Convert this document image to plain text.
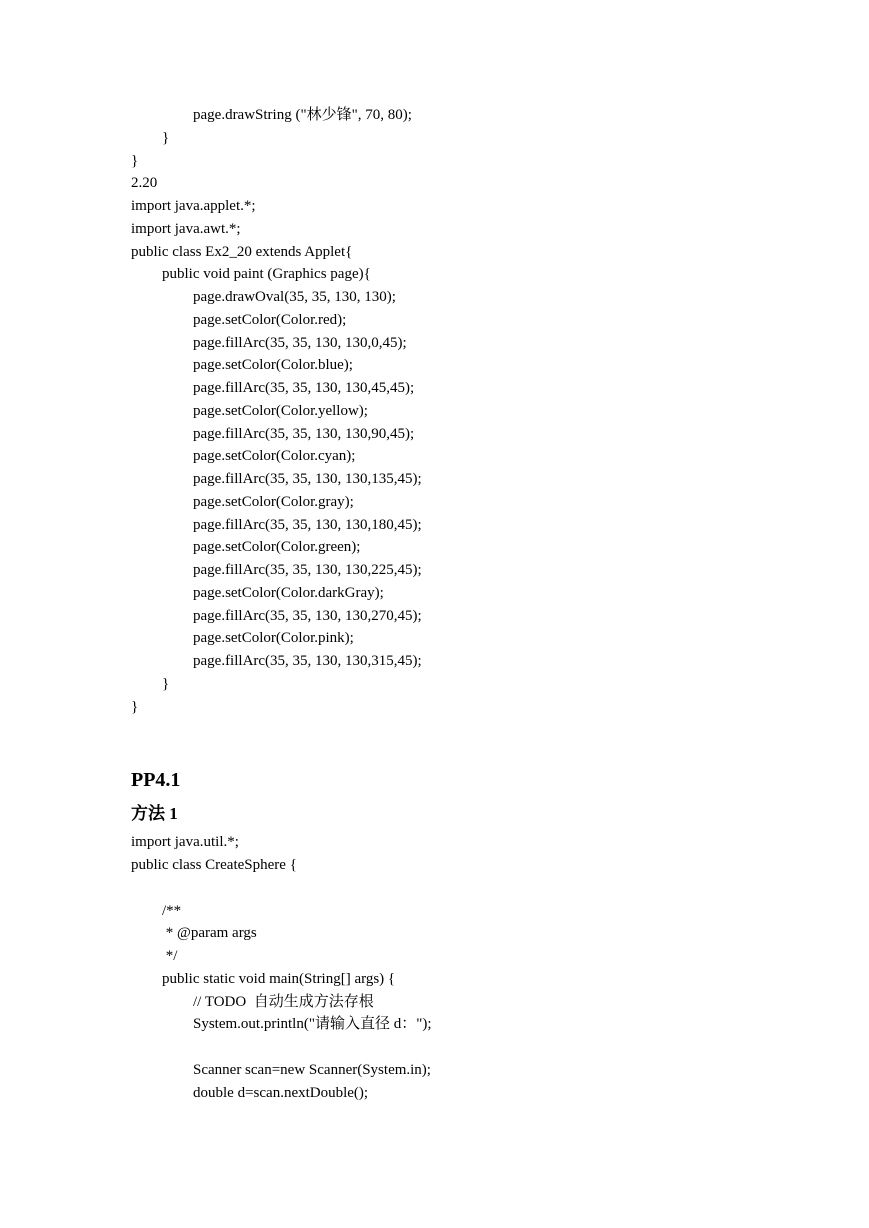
page.drawString ("林少锋", 70, 80);
}
}
2.20
import java.applet.*;
import java.awt.*;
public class Ex2_20 extends Applet{
public void paint (Graphics page){
page.drawOval(35, 35, 130, 130);
page.setColor(Color.red);
page.fillArc(35, 35, 130, 130,0,45);
page.setColor(Color.blue);
page.fillArc(35, 35, 130, 130,45,45);
page.setColor(Color.yellow);
page.fillArc(35, 35, 130, 130,90,45);
page.setColor(Color.cyan);
page.fillArc(35, 35, 130, 130,135,45);
page.setColor(Color.gray);
page.fillArc(35, 35, 130, 130,180,45);
page.setColor(Color.green);
page.fillArc(35, 35, 130, 130,225,45);
page.setColor(Color.darkGray);
page.fillArc(35, 35, 130, 130,270,45);
page.setColor(Color.pink);
page.fillArc(35, 35, 130, 130,315,45);
}
}
PP4.1
方法 1
import java.util.*;
public class CreateSphere {
/**
* @param args
*/
public static void main(String[] args) {
// TODO  自动生成方法存根
System.out.println("请输入直径 d：");
Scanner scan=new Scanner(System.in);
double d=scan.nextDouble();
